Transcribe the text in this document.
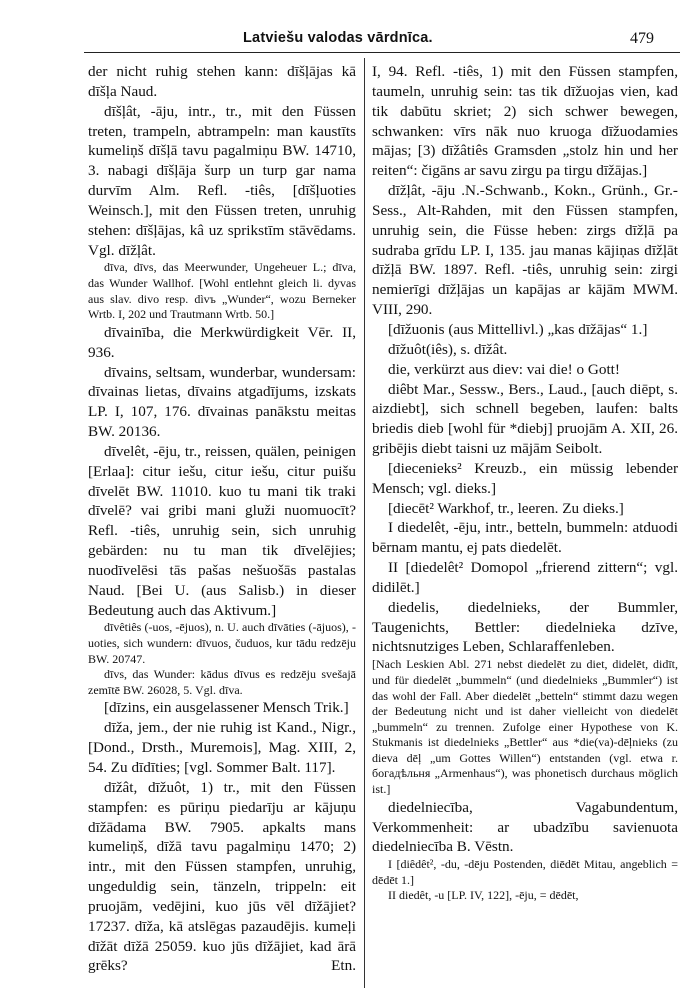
Latviešu valodas vārdnīca.	479

der nicht ruhig stehen kann: dīšļājas kā dīšļa Naud.

dīšļât, -āju, intr., tr., mit den Füssen treten, trampeln, abtrampeln: man kaustīts kumeliņš dīšļā tavu pagalmiņu BW. 14710, 3. nabagi dīšļāja šurp un turp gar nama durvīm Alm. Refl. -tiês, [dīšļuoties Weinsch.], mit den Füssen treten, unruhig stehen: dīšļājas, kâ uz sprikstīm stāvēdams. Vgl. dīžļât.

dīva, dīvs, das Meerwunder, Ungeheuer L.; dīva, das Wunder Wallhof. [Wohl entlehnt gleich li. dyvas aus slav. divo resp. dìvъ „Wunder“, wozu Berneker Wrtb. I, 202 und Trautmann Wrtb. 50.]

dīvainība, die Merkwürdigkeit Vēr. II, 936.

dīvains, seltsam, wunderbar, wundersam: dīvainas lietas, dīvains atgadījums, izskats LP. I, 107, 176. dīvainas panākstu meitas BW. 20136.

dīvelêt, -ēju, tr., reissen, quälen, peinigen [Erlaa]: citur iešu, citur iešu, citur puišu dīvelēt BW. 11010. kuo tu mani tik traki dīvelē? vai gribi mani gluži nuomuocīt? Refl. -tiês, unruhig sein, sich unruhig gebärden: nu tu man tik dīvelējies; nuodīvelēsi tās pašas nešuošās pastalas Naud. [Bei U. (aus Salisb.) in dieser Bedeutung auch das Aktivum.]

dīvêtiês (-uos, -ējuos), n. U. auch dīvāties (-ājuos), -uoties, sich wundern: dīvuos, čuduos, kur tādu redzēju BW. 20747.

dīvs, das Wunder: kādus dīvus es redzēju svešajā zemītē BW. 26028, 5. Vgl. dīva.

[dīzins, ein ausgelassener Mensch Trik.]

dīža, jem., der nie ruhig ist Kand., Nigr., [Dond., Drsth., Muremois], Mag. XIII, 2, 54. Zu dīdīties; [vgl. Sommer Balt. 117].

dīžât, dīžuôt, 1) tr., mit den Füssen stampfen: es pūriņu piedarīju ar kājuņu dīžādama BW. 7905. apkalts mans kumeliņš, dīžā tavu pagalmiņu 1470; 2) intr., mit den Füssen stampfen, unruhig, ungeduldig sein, tänzeln, trippeln: eit pruojām, vedējini, kuo jūs vēl dīžājiet? 17237. dīža, kā atslēgas pazaudējis. kumeļi dīžāt dīžā 25059. kuo jūs dīžājiet, kad ārā grēks? Etn.

I, 94. Refl. -tiês, 1) mit den Füssen stampfen, taumeln, unruhig sein: tas tik dīžuojas vien, kad tik dabūtu skriet; 2) sich schwer bewegen, schwanken: vīrs nāk nuo kruoga dīžuodamies mājas; [3) dīžâtiês Gramsden „stolz hin und her reiten“: čigāns ar savu zirgu pa tirgu dīžājas.]

dīžļât, -āju .N.-Schwanb., Kokn., Grünh., Gr.-Sess., Alt-Rahden, mit den Füssen stampfen, unruhig sein, die Füsse heben: zirgs dīžļā pa sudraba grīdu LP. I, 135. jau manas kājiņas dīžļāt dīžļā BW. 1897. Refl. -tiês, unruhig sein: zirgi nemierīgi dīžļājas un kapājas ar kājām MWM. VIII, 290.

[dīžuonis (aus Mittellivl.) „kas dīžājas“ 1.]

dīžuôt(iês), s. dīžât.

die, verkürzt aus diev: vai die! o Gott!

diêbt Mar., Sessw., Bers., Laud., [auch diēpt, s. aizdiebt], sich schnell begeben, laufen: balts briedis dieb [wohl für *diebj] pruojām A. XII, 26. gribējis diebt taisni uz mājām Seibolt.

[diecenieks² Kreuzb., ein müssig lebender Mensch; vgl. dieks.]

[diecēt² Warkhof, tr., leeren. Zu dieks.]

I diedelêt, -ēju, intr., betteln, bummeln: atduodi bērnam mantu, ej pats diedelēt.

II [diedelêt² Domopol „frierend zittern“; vgl. didilēt.]

diedelis, diedelnieks, der Bummler, Taugenichts, Bettler: diedelnieka dzīve, nichtsnutziges Leben, Schlaraffenleben.

[Nach Leskien Abl. 271 nebst diedelēt zu diet, didelēt, didīt, und für diedelēt „bummeln“ (und diedelnieks „Bummler“) ist das wohl der Fall. Aber diedelēt „betteln“ stimmt dazu wegen der Bedeutung nicht und ist daher vielleicht von diedelēt „bummeln“ zu trennen. Zufolge einer Hypothese von K. Stukmanis ist diedelnieks „Bettler“ aus *die(va)-dēļnieks (zu dieva dēļ „um Gottes Willen“) entstanden (vgl. etwa r. богадѣльня „Armenhaus“), was phonetisch durchaus möglich ist.]

diedelniecība, Vagabundentum, Verkommenheit: ar ubadzību savienuota diedelniecība B. Vēstn.

I [diêdêt², -du, -dēju Postenden, diēdēt Mitau, angeblich = dēdēt 1.]

II diedêt, -u [LP. IV, 122], -ēju, = dēdēt,
